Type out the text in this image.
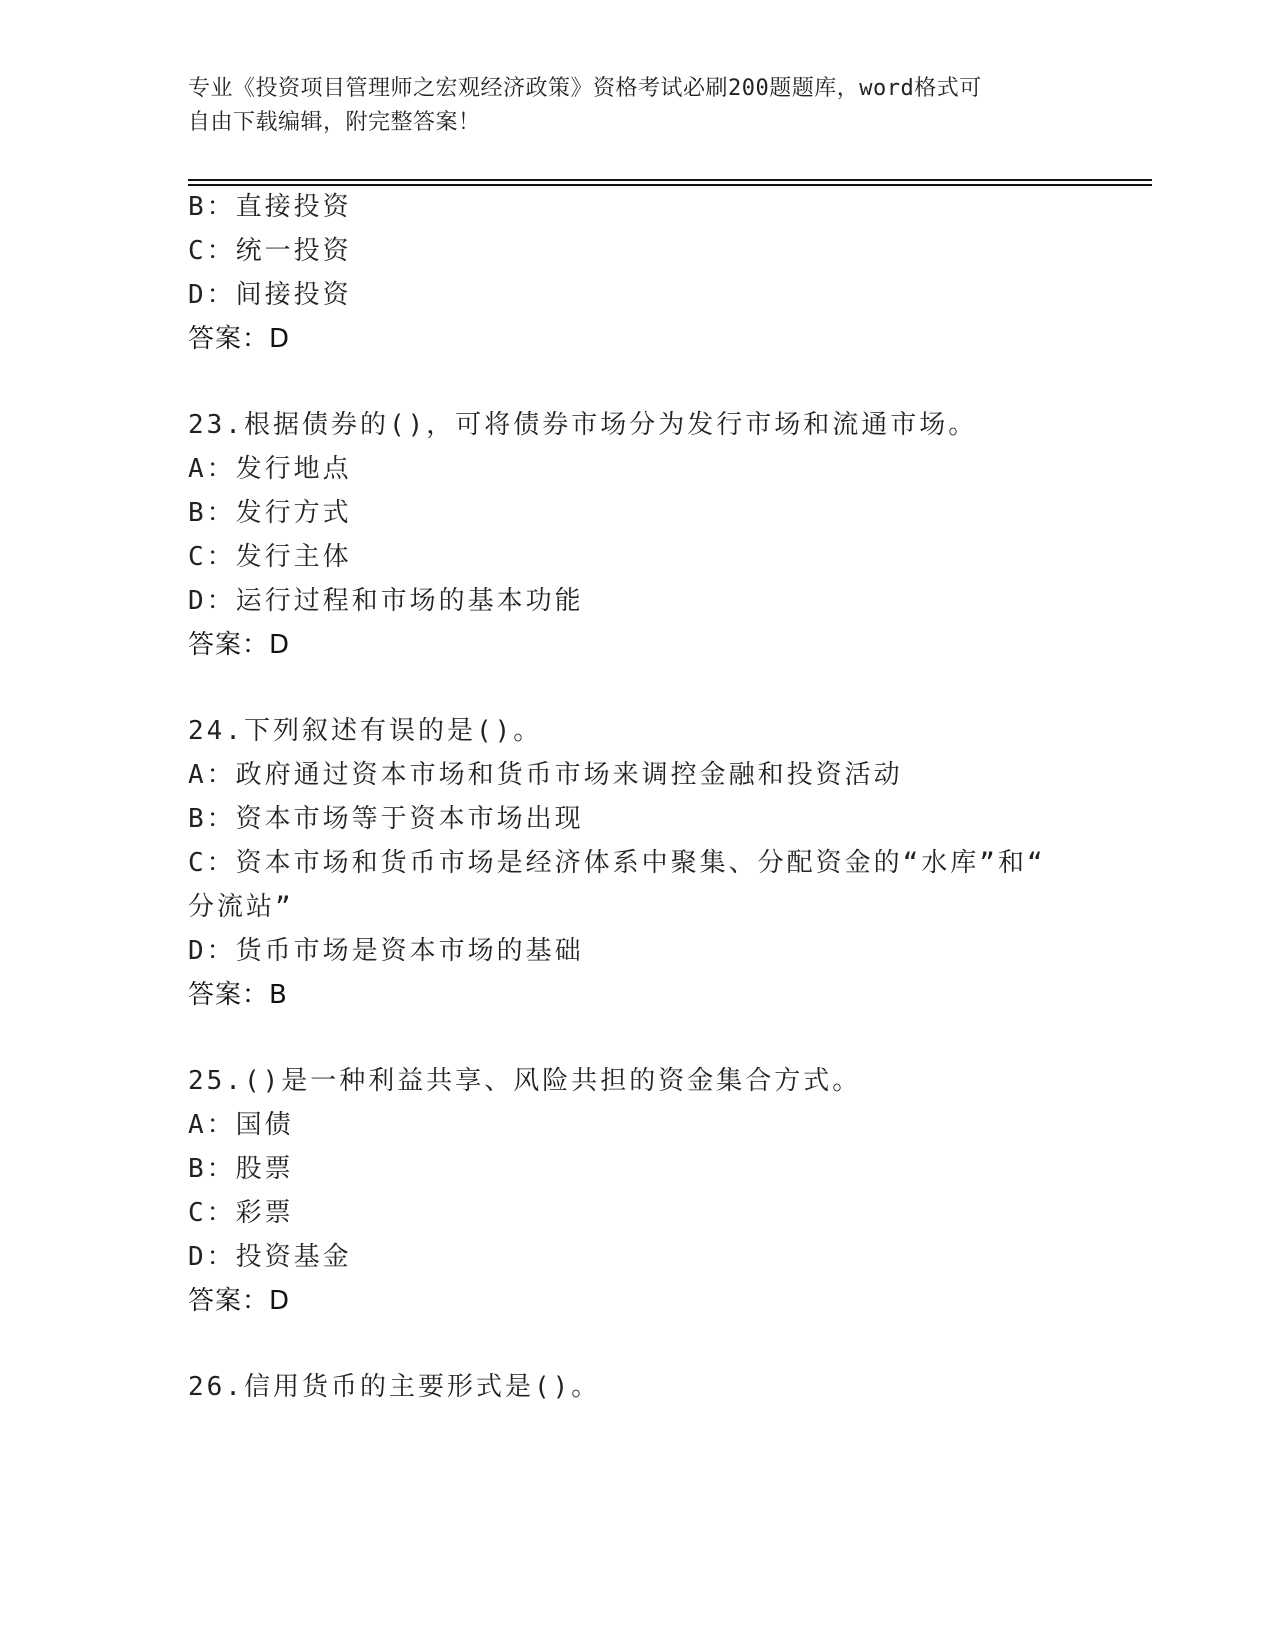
专业《投资项目管理师之宏观经济政策》资格考试必刷200题题库，word格式可
自由下载编辑，附完整答案！
B：直接投资
C：统一投资
D：间接投资
答案：D
23.根据债券的()，可将债券市场分为发行市场和流通市场。
A：发行地点
B：发行方式
C：发行主体
D：运行过程和市场的基本功能
答案：D
24.下列叙述有误的是()。
A：政府通过资本市场和货币市场来调控金融和投资活动
B：资本市场等于资本市场出现
C：资本市场和货币市场是经济体系中聚集、分配资金的“水库”和“
分流站”
D：货币市场是资本市场的基础
答案：B
25.()是一种利益共享、风险共担的资金集合方式。
A：国债
B：股票
C：彩票
D：投资基金
答案：D
26.信用货币的主要形式是()。
